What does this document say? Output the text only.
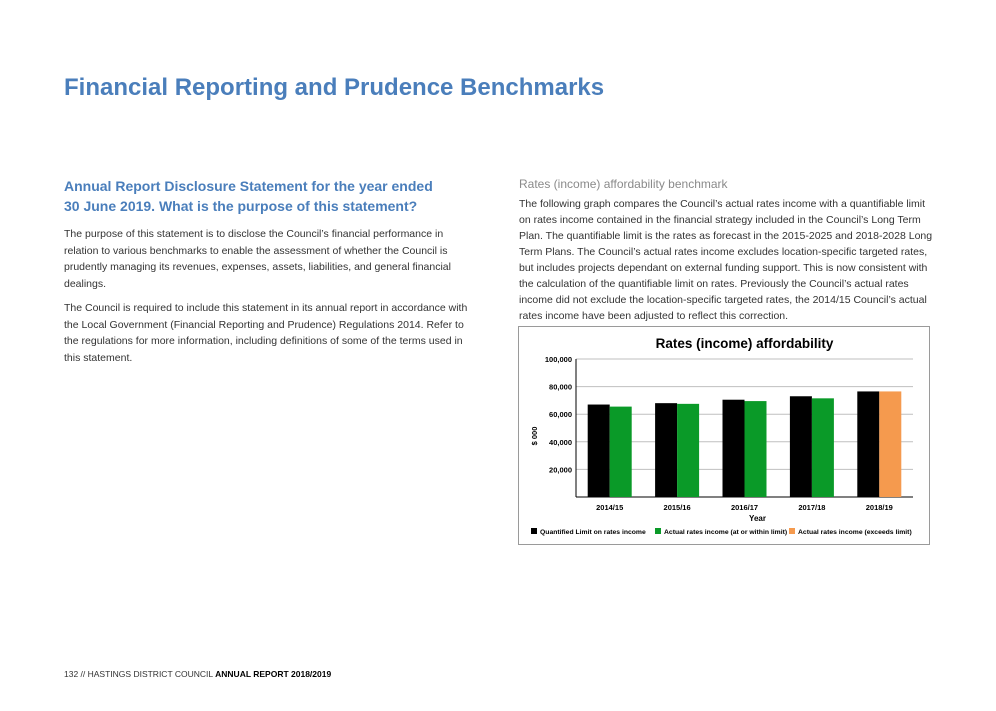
Financial Reporting and Prudence Benchmarks
Annual Report Disclosure Statement for the year ended
30 June 2019. What is the purpose of this statement?

The purpose of this statement is to disclose the Council’s financial performance in relation to various benchmarks to enable the assessment of whether the Council is prudently managing its revenues, expenses, assets, liabilities, and general financial dealings.

The Council is required to include this statement in its annual report in accordance with the Local Government (Financial Reporting and Prudence) Regulations 2014. Refer to the regulations for more information, including definitions of some of the terms used in this statement.

Rates (income) affordability benchmark

The following graph compares the Council’s actual rates income with a quantifiable limit on rates income contained in the financial strategy included in the Council’s Long Term Plan. The quantifiable limit is the rates as forecast in the 2015-2025 and 2018-2028 Long Term Plans. The Council’s actual rates income excludes location-specific targeted rates, but includes projects dependant on external funding support. This is now consistent with the calculation of the quantifiable limit on rates. Previously the Council’s actual rates income did not exclude the location-specific targeted rates, the 2014/15 Council’s actual rates income have been adjusted to reflect this correction.

Rates (income) affordability
20,000
40,000
60,000
80,000
100,000
$ 000
2014/15	2015/16	2016/17	2017/18	2018/19
Year
Quantified Limit on rates income	Actual rates income (at or within limit) Actual rates income (exceeds limit)
132 // HASTINGS DISTRICT COUNCIL ANNUAL REPORT 2018/2019
